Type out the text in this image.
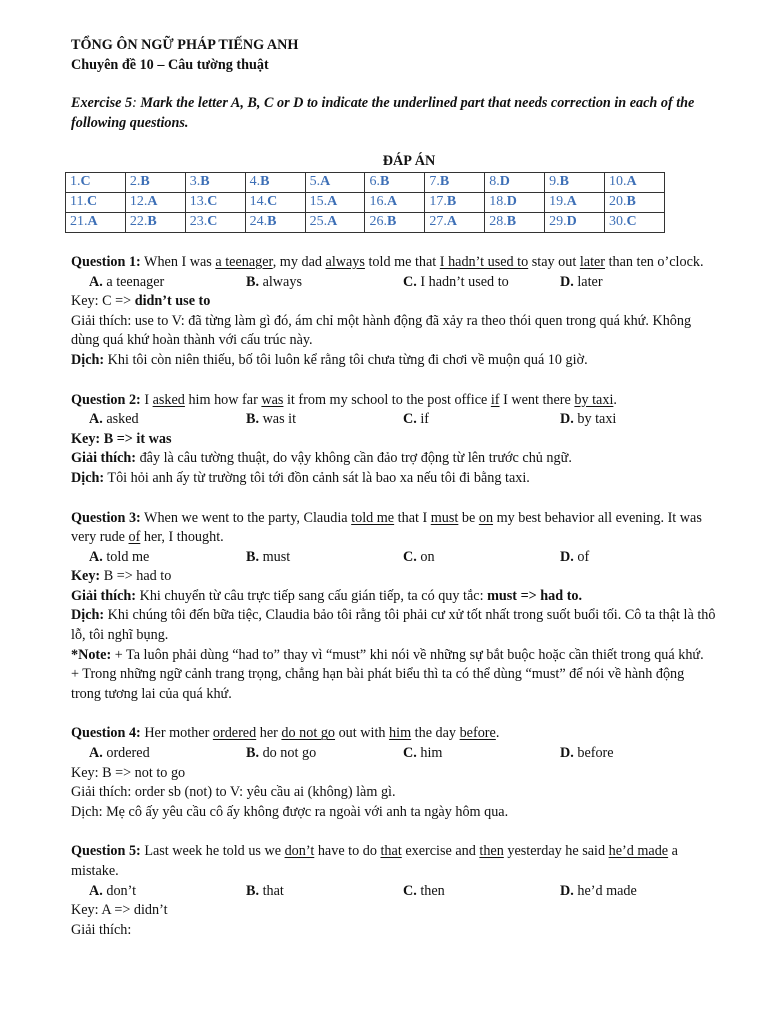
TỔNG ÔN NGỮ PHÁP TIẾNG ANH

Chuyên đề 10 – Câu tường thuật

Exercise 5: Mark the letter A, B, C or D to indicate the underlined part that needs correction in each of the following questions.
ĐÁP ÁN
1.C	2.B	3.B	4.B	5.A	6.B	7.B	8.D	9.B	10.A
11.C	12.A	13.C	14.C	15.A	16.A	17.B	18.D	19.A	20.B
21.A	22.B	23.C	24.B	25.A	26.B	27.A	28.B	29.D	30.C

Question 1: When I was a teenager, my dad always told me that I hadn’t used to stay out later than ten o’clock.

A. a teenager	B. always	C. I hadn’t used to	D. later

Key: C => didn’t use to

Giải thích: use to V: đã từng làm gì đó, ám chỉ một hành động đã xảy ra theo thói quen trong quá khứ. Không dùng quá khứ hoàn thành với cấu trúc này.

Dịch: Khi tôi còn niên thiếu, bố tôi luôn kể rằng tôi chưa từng đi chơi về muộn quá 10 giờ.

Question 2: I asked him how far was it from my school to the post office if I went there by taxi.

A. asked	B. was it	C. if	D. by taxi

Key: B => it was

Giải thích: đây là câu tường thuật, do vậy không cần đảo trợ động từ lên trước chủ ngữ.

Dịch: Tôi hỏi anh ấy từ trường tôi tới đồn cảnh sát là bao xa nếu tôi đi bằng taxi.

Question 3: When we went to the party, Claudia told me that I must be on my best behavior all evening. It was very rude of her, I thought.

A. told me	B. must	C. on	D. of

Key: B => had to

Giải thích: Khi chuyển từ câu trực tiếp sang cấu gián tiếp, ta có quy tắc: must => had to.

Dịch: Khi chúng tôi đến bữa tiệc, Claudia bảo tôi rằng tôi phải cư xử tốt nhất trong suốt buổi tối. Cô ta thật là thô lỗ, tôi nghĩ bụng.

*Note: + Ta luôn phải dùng “had to” thay vì “must” khi nói về những sự bắt buộc hoặc cần thiết trong quá khứ.

+ Trong những ngữ cảnh trang trọng, chẳng hạn bài phát biểu thì ta có thể dùng “must” để nói về hành động trong tương lai của quá khứ.

Question 4: Her mother ordered her do not go out with him the day before.

A. ordered	B. do not go	C. him	D. before

Key: B => not to go

Giải thích: order sb (not) to V: yêu cầu ai (không) làm gì.

Dịch: Mẹ cô ấy yêu cầu cô ấy không được ra ngoài với anh ta ngày hôm qua.

Question 5: Last week he told us we don’t have to do that exercise and then yesterday he said he’d made a mistake.

A. don’t	B. that	C. then	D. he’d made

Key: A => didn’t

Giải thích:
